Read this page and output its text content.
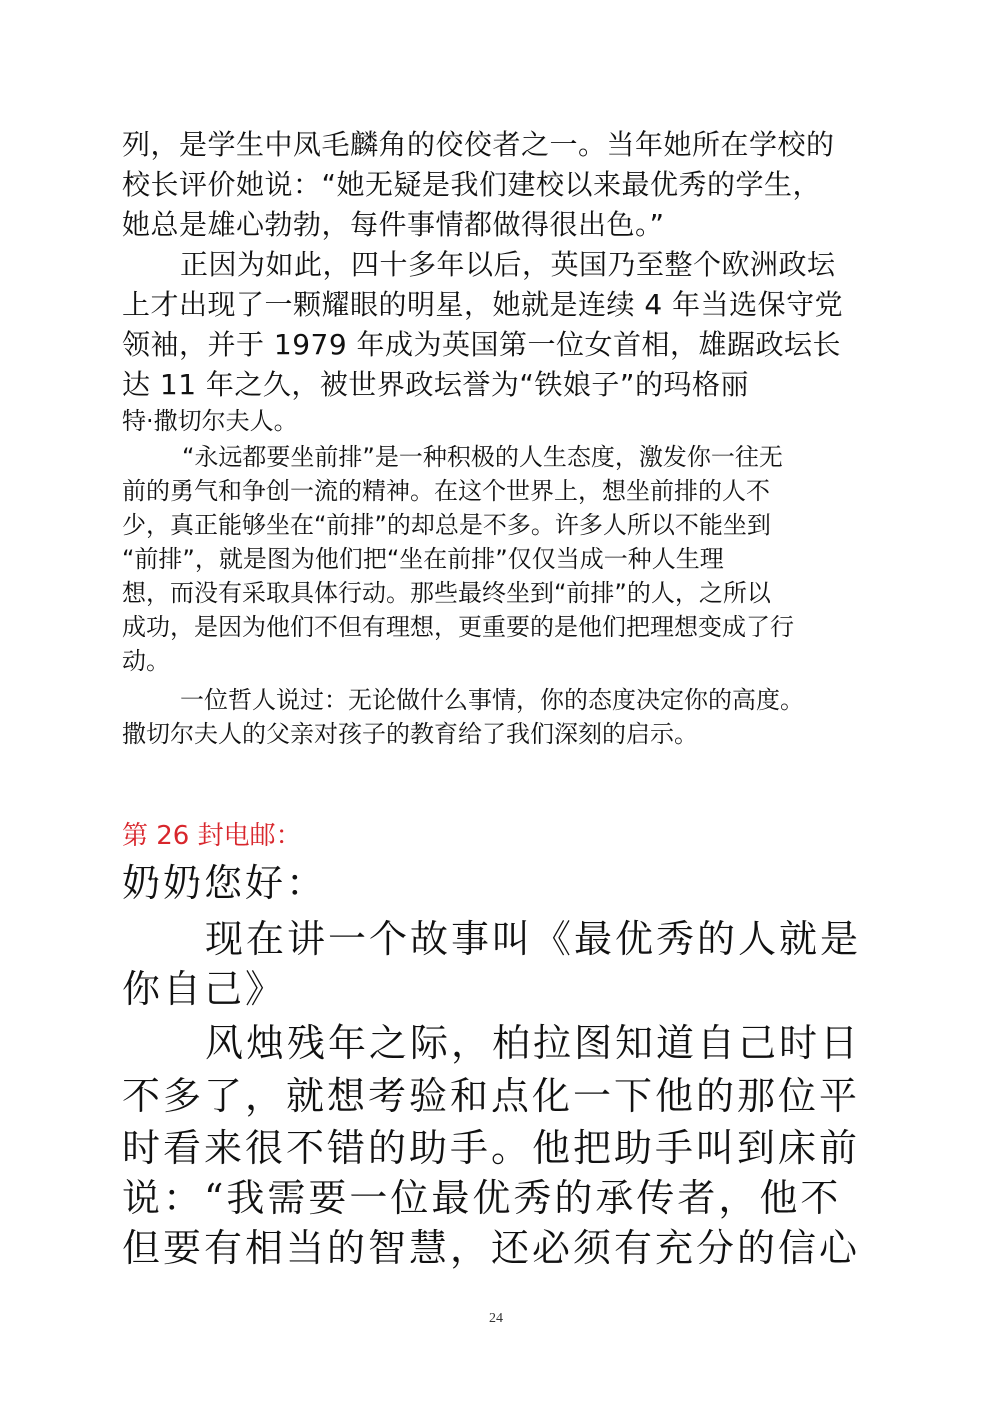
列，是学生中凤毛麟角的佼佼者之一。当年她所在学校的

校长评价她说：“她无疑是我们建校以来最优秀的学生，

她总是雄心勃勃，每件事情都做得很出色。”

正因为如此，四十多年以后，英国乃至整个欧洲政坛

上才出现了一颗耀眼的明星，她就是连续 4 年当选保守党

领袖，并于 1979 年成为英国第一位女首相，雄踞政坛长

达 11 年之久，被世界政坛誉为“铁娘子”的玛格丽

特·撒切尔夫人。

“永远都要坐前排”是一种积极的人生态度，激发你一往无

前的勇气和争创一流的精神。在这个世界上，想坐前排的人不

少，真正能够坐在“前排”的却总是不多。许多人所以不能坐到

“前排”，就是图为他们把“坐在前排”仅仅当成一种人生理

想，而没有采取具体行动。那些最终坐到“前排”的人，之所以

成功，是因为他们不但有理想，更重要的是他们把理想变成了行

动。

一位哲人说过：无论做什么事情，你的态度决定你的高度。

撒切尔夫人的父亲对孩子的教育给了我们深刻的启示。

第 26 封电邮：

奶奶您好：

现在讲一个故事叫《最优秀的人就是

你自己》

风烛残年之际，柏拉图知道自己时日

不多了，就想考验和点化一下他的那位平

时看来很不错的助手。他把助手叫到床前

说：“我需要一位最优秀的承传者，他不

但要有相当的智慧，还必须有充分的信心

24
